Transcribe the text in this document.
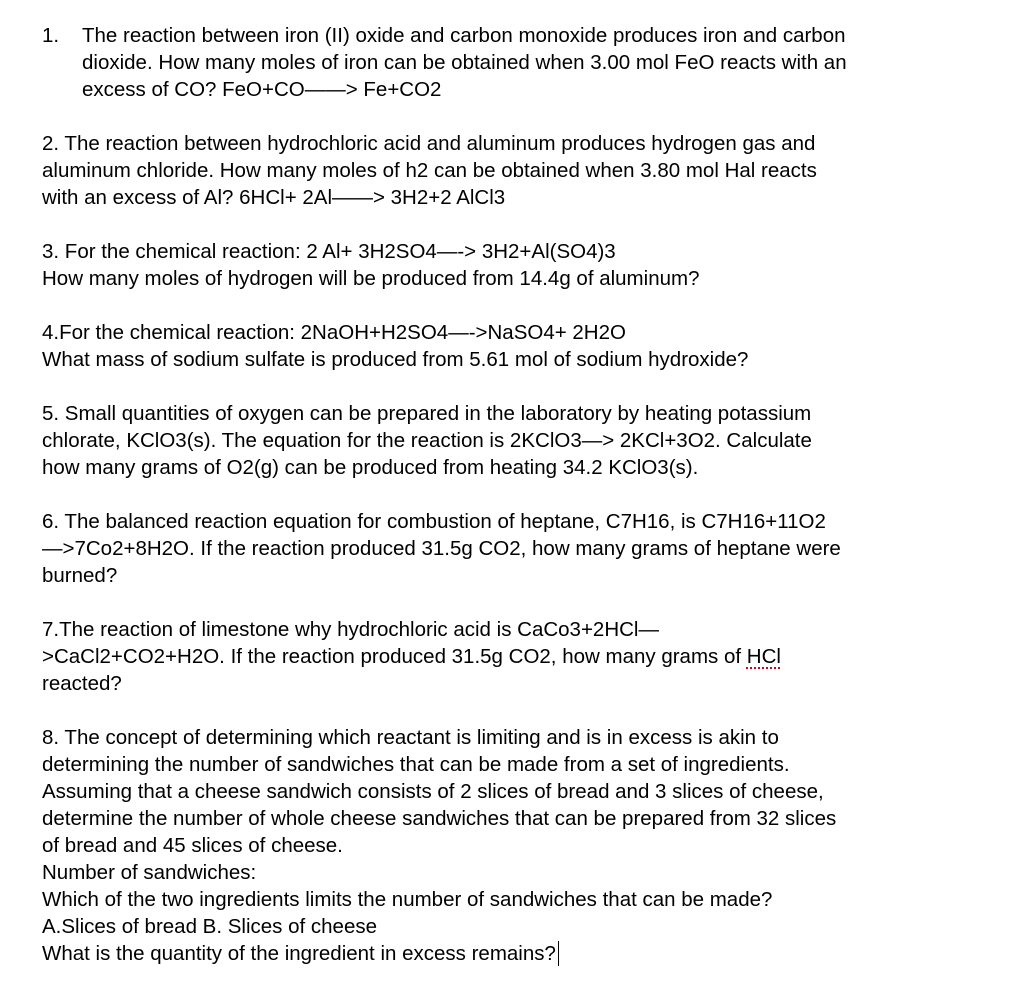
1.	The reaction between iron (II) oxide and carbon monoxide produces iron and carbon
dioxide. How many moles of iron can be obtained when 3.00 mol FeO reacts with an
excess of CO? FeO+CO——> Fe+CO2
2. The reaction between hydrochloric acid and aluminum produces hydrogen gas and
aluminum chloride. How many moles of h2 can be obtained when 3.80 mol Hal reacts
with an excess of Al? 6HCl+ 2Al——> 3H2+2 AlCl3
3. For the chemical reaction: 2 Al+ 3H2SO4—-> 3H2+Al(SO4)3
How many moles of hydrogen will be produced from 14.4g of aluminum?
4.For the chemical reaction: 2NaOH+H2SO4—->NaSO4+ 2H2O
What mass of sodium sulfate is produced from 5.61 mol of sodium hydroxide?
5. Small quantities of oxygen can be prepared in the laboratory by heating potassium
chlorate, KClO3(s). The equation for the reaction is 2KClO3—> 2KCl+3O2. Calculate
how many grams of O2(g) can be produced from heating 34.2 KClO3(s).
6. The balanced reaction equation for combustion of heptane, C7H16, is C7H16+11O2
—>7Co2+8H2O. If the reaction produced 31.5g CO2, how many grams of heptane were
burned?
7.The reaction of limestone why hydrochloric acid is CaCo3+2HCl—
>CaCl2+CO2+H2O. If the reaction produced 31.5g CO2, how many grams of HCl
reacted?
8. The concept of determining which reactant is limiting and is in excess is akin to
determining the number of sandwiches that can be made from a set of ingredients.
Assuming that a cheese sandwich consists of 2 slices of bread and 3 slices of cheese,
determine the number of whole cheese sandwiches that can be prepared from 32 slices
of bread and 45 slices of cheese.
Number of sandwiches:
Which of the two ingredients limits the number of sandwiches that can be made?
A.Slices of bread B. Slices of cheese
What is the quantity of the ingredient in excess remains?
